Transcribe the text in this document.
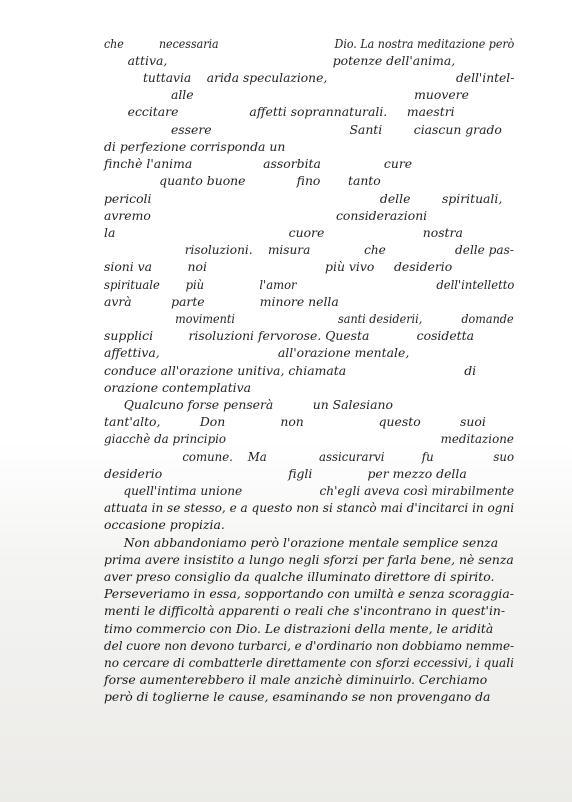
che          necessaria                                 Dio. La nostra meditazione però
attiva,                                          potenze dell'anima,
tuttavia    arida speculazione,                                 dell'intel-
alle                                                        muovere
eccitare                  affetti soprannaturali.     maestri
essere                                   Santi        ciascun grado
di perfezione corrisponda un
finchè l'anima                  assorbita                cure
quanto buone             fino       tanto
pericoli                                                          delle        spirituali,
avremo                                               considerazioni
la                                            cuore                         nostra
risoluzioni.    misura              che                  delle pas-
sioni va         noi                              più vivo     desiderio
spirituale       più               l'amor                                      dell'intelletto
avrà          parte              minore nella
movimenti                             santi desiderii,           domande
supplici         risoluzioni fervorose. Questa            cosidetta
affettiva,                              all'orazione mentale,
conduce all'orazione unitiva, chiamata                              di
orazione contemplativa
Qualcuno forse penserà          un Salesiano
tant'alto,          Don              non                   questo          suoi
giacchè da principio                                                         meditazione
comune.    Ma              assicurarvi          fu                suo
desiderio                                figli              per mezzo della
quell'intima unione                    ch'egli aveva così mirabilmente
attuata in se stesso, e a questo non si stancò mai d'incitarci in ogni
occasione propizia.
Non abbandoniamo però l'orazione mentale semplice senza
prima avere insistito a lungo negli sforzi per farla bene, nè senza
aver preso consiglio da qualche illuminato direttore di spirito.
Perseveriamo in essa, sopportando con umiltà e senza scoraggia-
menti le difficoltà apparenti o reali che s'incontrano in quest'in-
timo commercio con Dio. Le distrazioni della mente, le aridità
del cuore non devono turbarci, e d'ordinario non dobbiamo nemme-
no cercare di combatterle direttamente con sforzi eccessivi, i quali
forse aumenterebbero il male anzichè diminuirlo. Cerchiamo
però di toglierne le cause, esaminando se non provengano da
